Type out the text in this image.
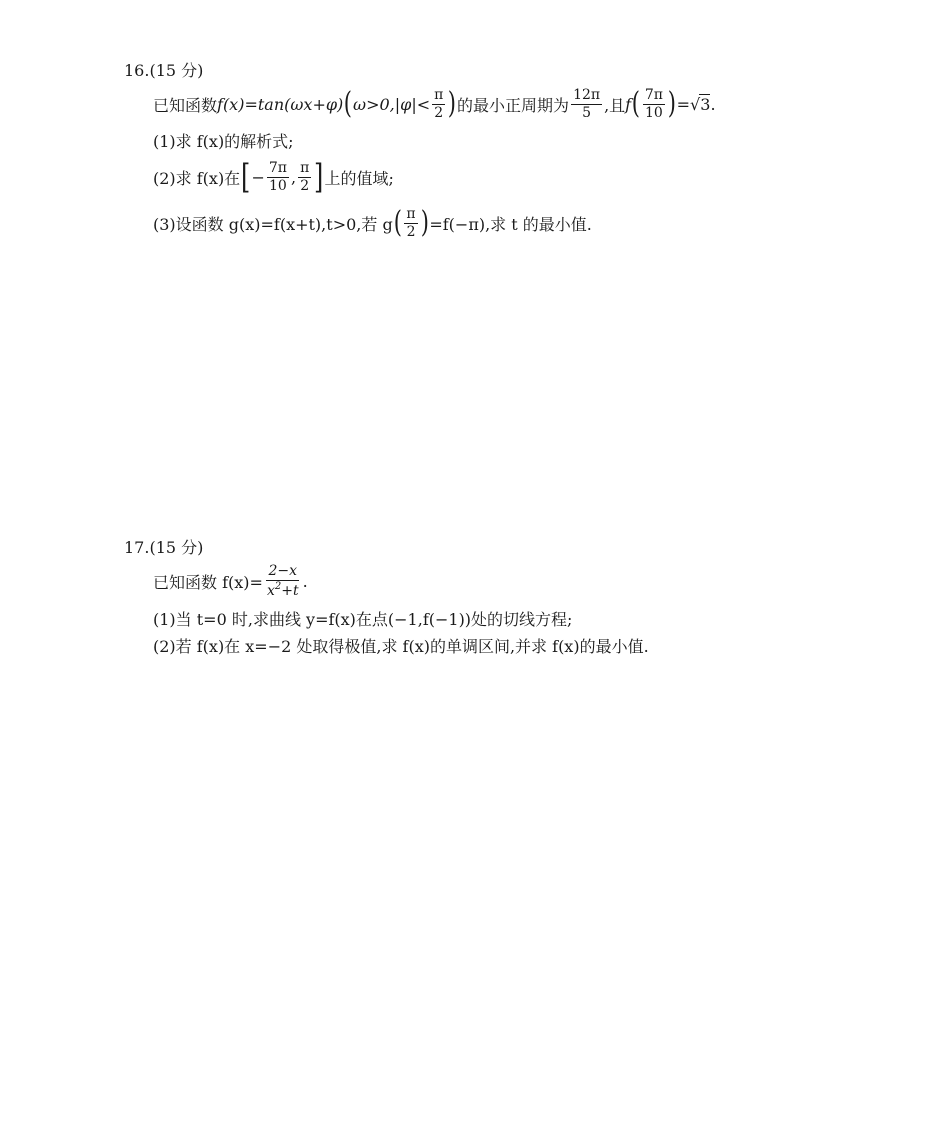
16.(15 分)
已知函数 f(x)=tan(ωx+φ) ( $\omega>0,|\varphi|< \frac{\pi}{2}$ ) 的最小正周期为 $\frac{12\pi}{5}$ ,且 f ( $\frac{7\pi}{10}$ ) = √ 3 .
(1)求 f(x)的解析式;
(2)求 f(x)在 [ − $\frac{7\pi}{10}$ , $\frac{\pi}{2}$ ] 上的值域;
(3)设函数 g(x)=f(x+t),t>0,若 g ( $\frac{\pi}{2}$ ) =f(−π),求 t 的最小值.
17.(15 分)
已知函数 $f(x)= \frac{2-x}{x^2+t}$ .
(1)当 t=0 时,求曲线 y=f(x)在点(−1,f(−1))处的切线方程;
(2)若 f(x)在 x=−2 处取得极值,求 f(x)的单调区间,并求 f(x)的最小值.
